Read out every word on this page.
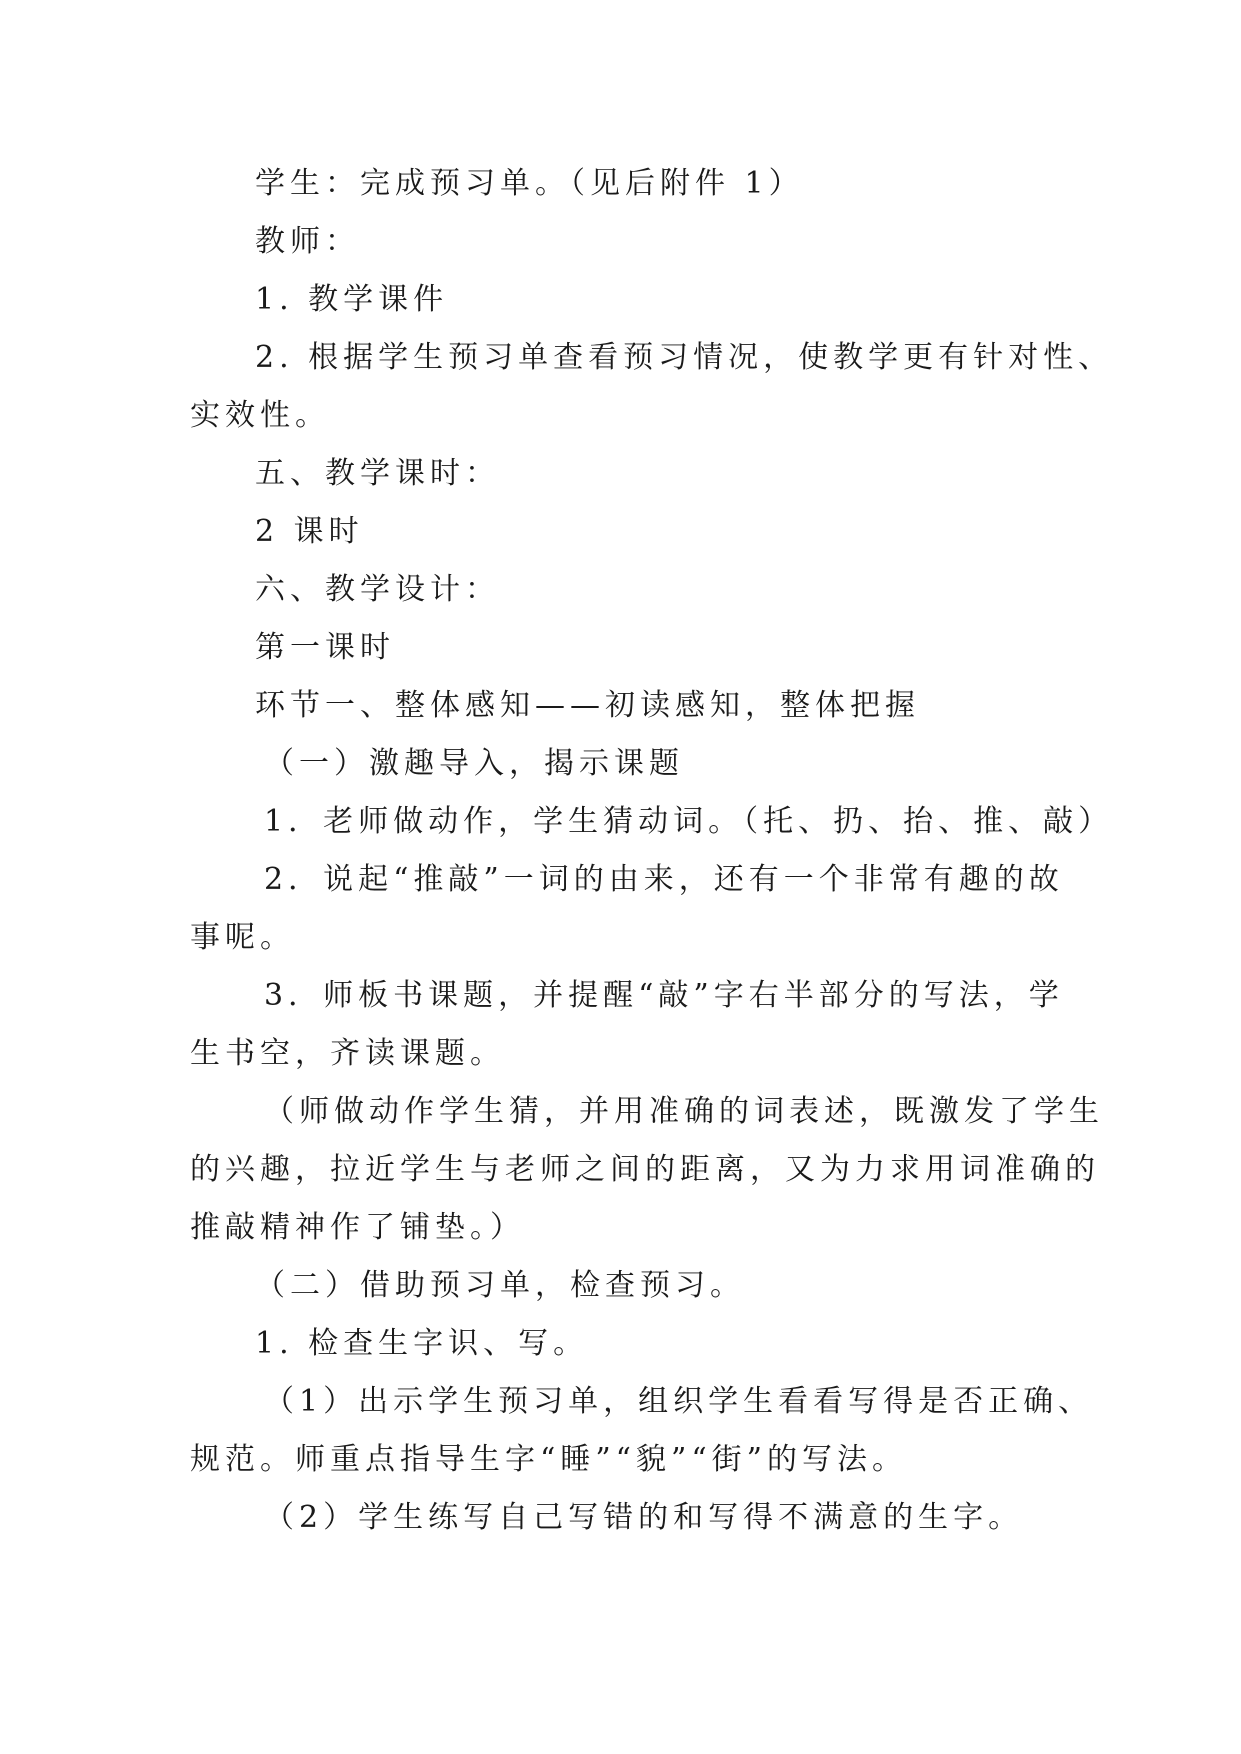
学生：完成预习单。（见后附件 1）

教师：

1. 教学课件

2. 根据学生预习单查看预习情况，使教学更有针对性、

实效性。

五、教学课时：

2 课时

六、教学设计：

第一课时

环节一、整体感知——初读感知，整体把握

（一）激趣导入，揭示课题

1．老师做动作，学生猜动词。（托、扔、抬、推、敲）

2．说起“推敲”一词的由来，还有一个非常有趣的故

事呢。

3．师板书课题，并提醒“敲”字右半部分的写法，学

生书空，齐读课题。

（师做动作学生猜，并用准确的词表述，既激发了学生

的兴趣，拉近学生与老师之间的距离，又为力求用词准确的

推敲精神作了铺垫。）

（二）借助预习单，检查预习。

1. 检查生字识、写。

（1）出示学生预习单，组织学生看看写得是否正确、

规范。师重点指导生字“睡”“貌”“街”的写法。

（2）学生练写自己写错的和写得不满意的生字。
